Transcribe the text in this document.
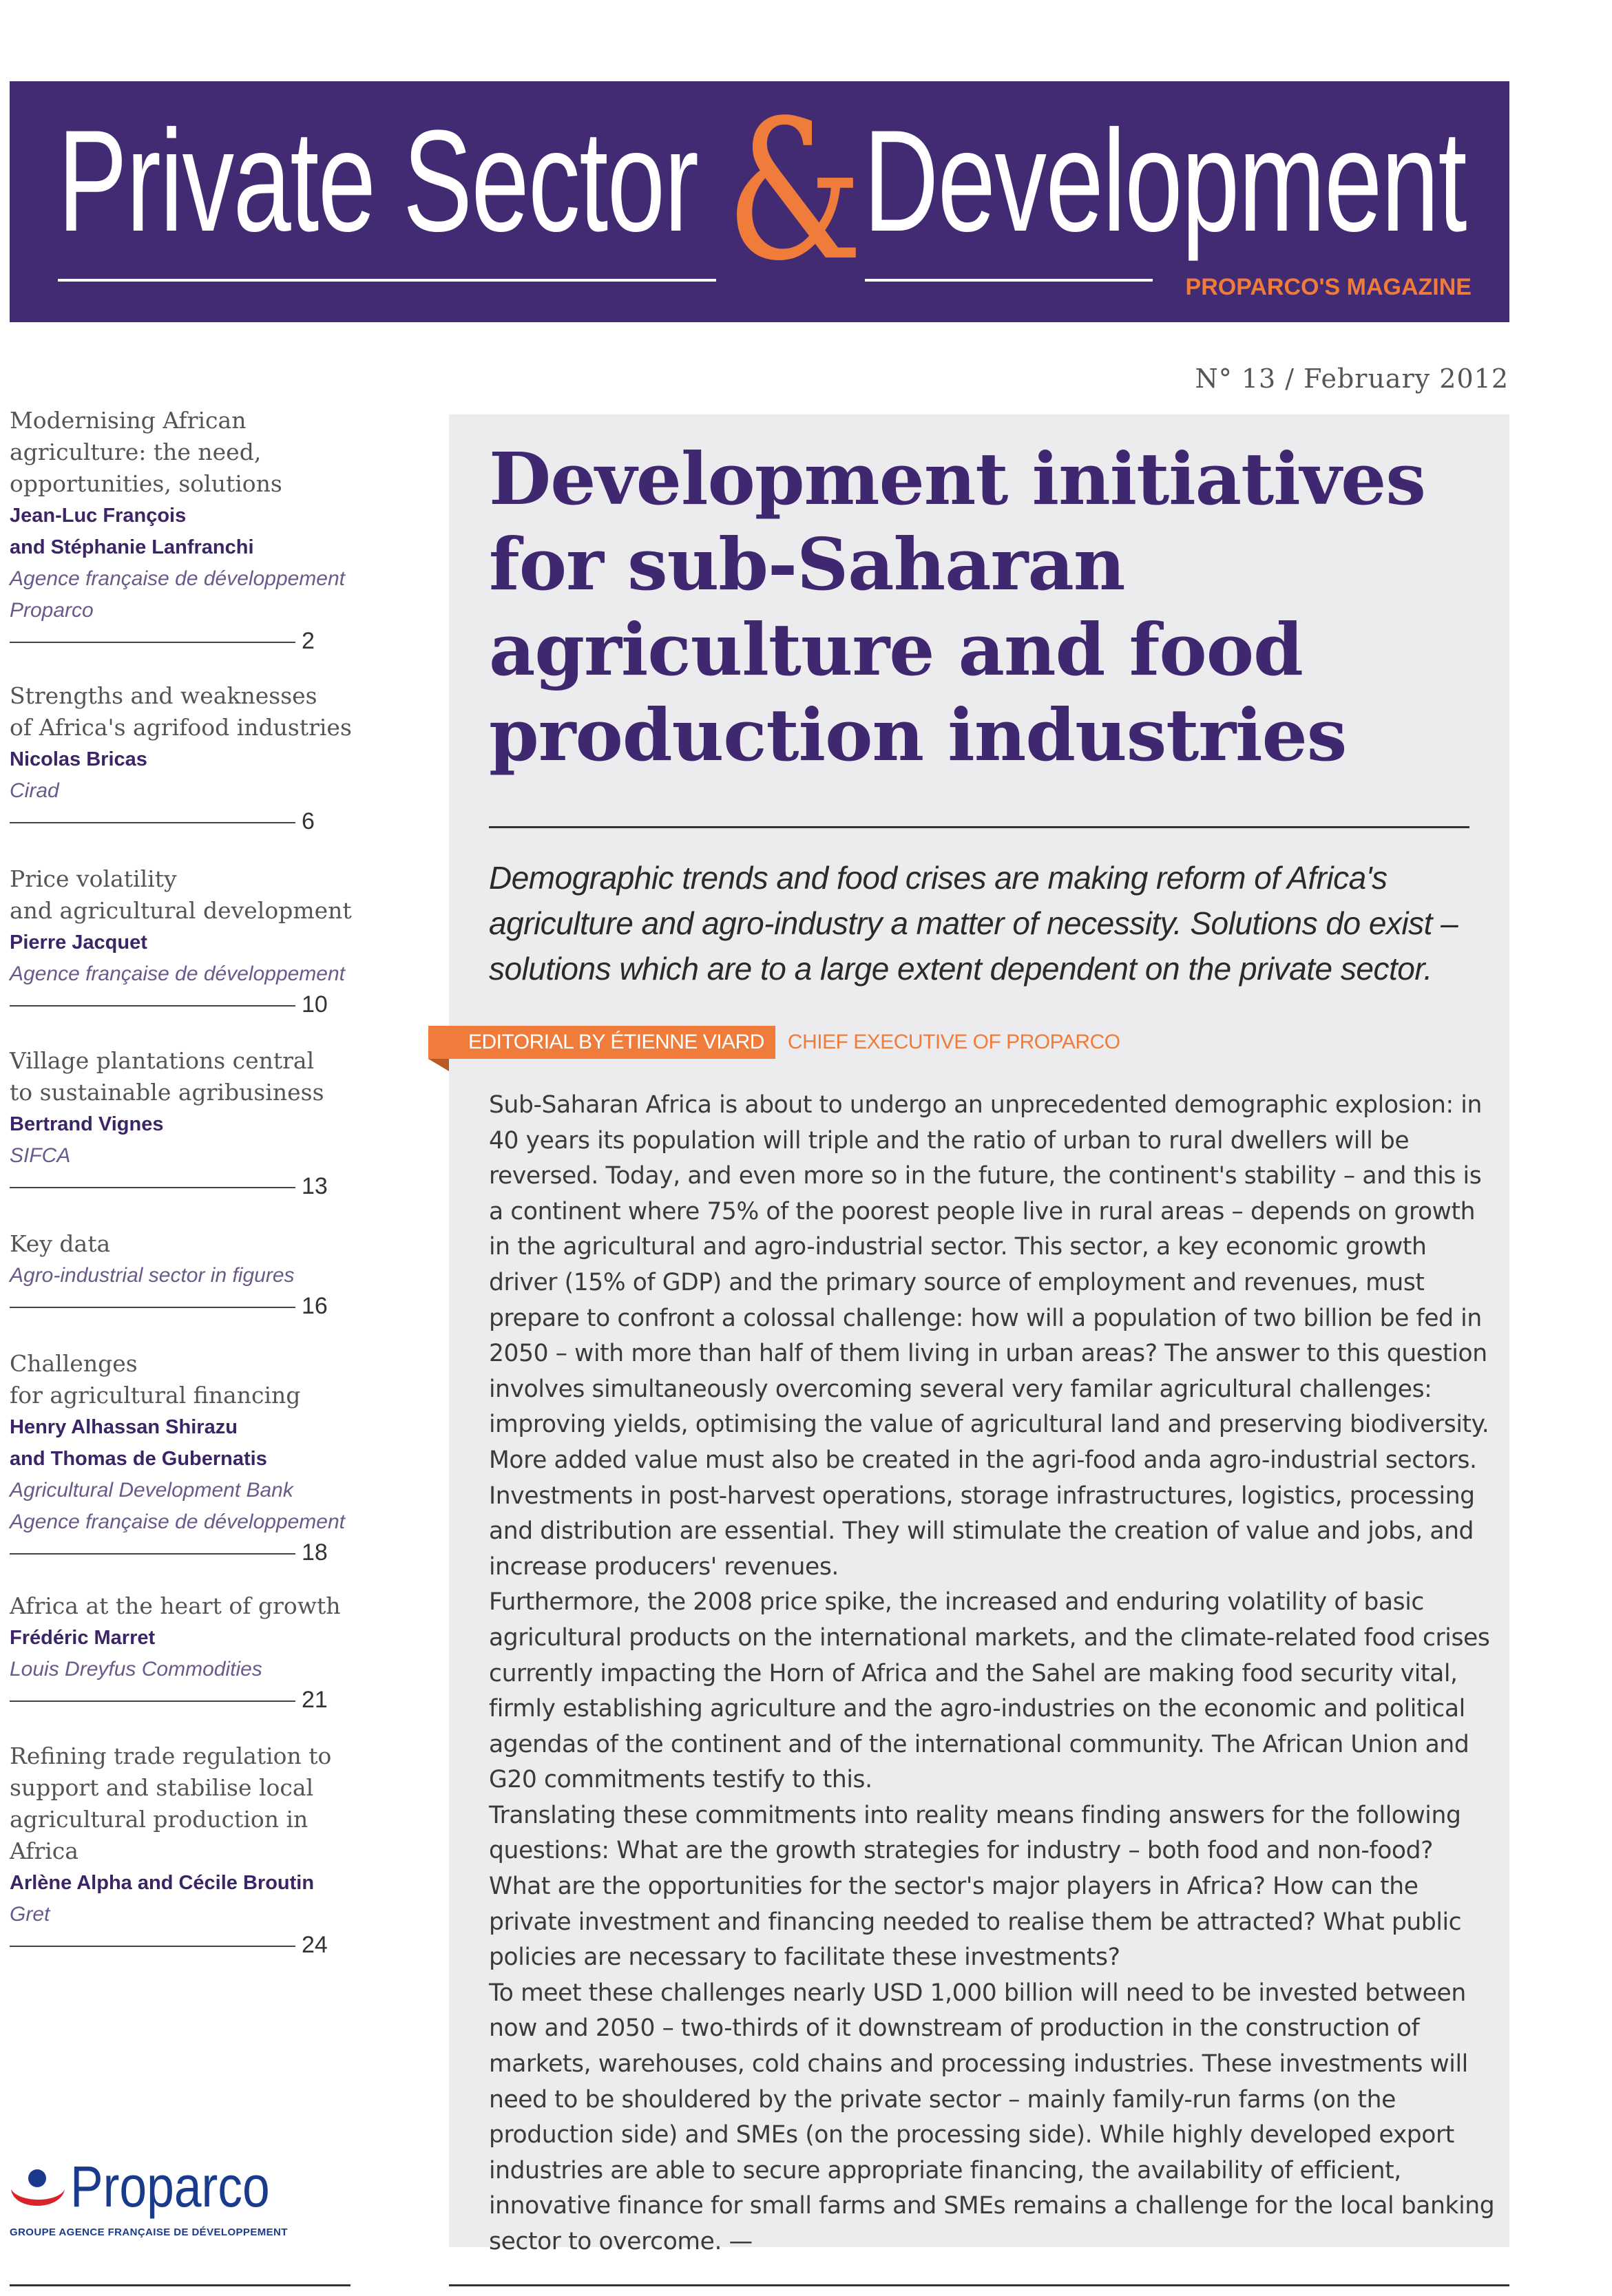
Private Sector & Development
PROPARCO'S MAGAZINE
N° 13 / February 2012
Modernising African
agriculture: the need,
opportunities, solutions
Jean-Luc François
and Stéphanie Lanfranchi
Agence française de développement
Proparco
2
Strengths and weaknesses
of Africa's agrifood industries
Nicolas Bricas
Cirad
6
Price volatility
and agricultural development
Pierre Jacquet
Agence française de développement
10
Village plantations central
to sustainable agribusiness
Bertrand Vignes
SIFCA
13
Key data
Agro-industrial sector in figures
16
Challenges
for agricultural financing
Henry Alhassan Shirazu
and Thomas de Gubernatis
Agricultural Development Bank
Agence française de développement
18
Africa at the heart of growth
Frédéric Marret
Louis Dreyfus Commodities
21
Refining trade regulation to
support and stabilise local
agricultural production in Africa
Arlène Alpha and Cécile Broutin
Gret
24
Development initiatives for sub-Saharan agriculture and food production industries
Demographic trends and food crises are making reform of Africa's agriculture and agro-industry a matter of necessity. Solutions do exist – solutions which are to a large extent dependent on the private sector.
EDITORIAL BY ÉTIENNE VIARD CHIEF EXECUTIVE OF PROPARCO

Sub-Saharan Africa is about to undergo an unprecedented demographic explosion: in 40 years its population will triple and the ratio of urban to rural dwellers will be reversed. Today, and even more so in the future, the continent's stability – and this is a continent where 75% of the poorest people live in rural areas – depends on growth in the agricultural and agro-industrial sector. This sector, a key economic growth driver (15% of GDP) and the primary source of employment and revenues, must prepare to confront a colossal challenge: how will a population of two billion be fed in 2050 – with more than half of them living in urban areas? The answer to this question involves simultaneously overcoming several very familar agricultural challenges: improving yields, optimising the value of agricultural land and preserving biodiversity. More added value must also be created in the agri-food anda agro-industrial sectors. Investments in post-harvest operations, storage infrastructures, logistics, processing and distribution are essential. They will stimulate the creation of value and jobs, and increase producers' revenues.

Furthermore, the 2008 price spike, the increased and enduring volatility of basic agricultural products on the international markets, and the climate-related food crises currently impacting the Horn of Africa and the Sahel are making food security vital, firmly establishing agriculture and the agro-industries on the economic and political agendas of the continent and of the international community. The African Union and G20 commitments testify to this.

Translating these commitments into reality means finding answers for the following questions: What are the growth strategies for industry – both food and non-food? What are the opportunities for the sector's major players in Africa? How can the private investment and financing needed to realise them be attracted? What public policies are necessary to facilitate these investments?

To meet these challenges nearly USD 1,000 billion will need to be invested between now and 2050 – two-thirds of it downstream of production in the construction of markets, warehouses, cold chains and processing industries. These investments will need to be shouldered by the private sector – mainly family-run farms (on the production side) and SMEs (on the processing side). While highly developed export industries are able to secure appropriate financing, the availability of efficient, innovative finance for small farms and SMEs remains a challenge for the local banking sector to overcome. —

Proparco
GROUPE AGENCE FRANÇAISE DE DÉVELOPPEMENT
